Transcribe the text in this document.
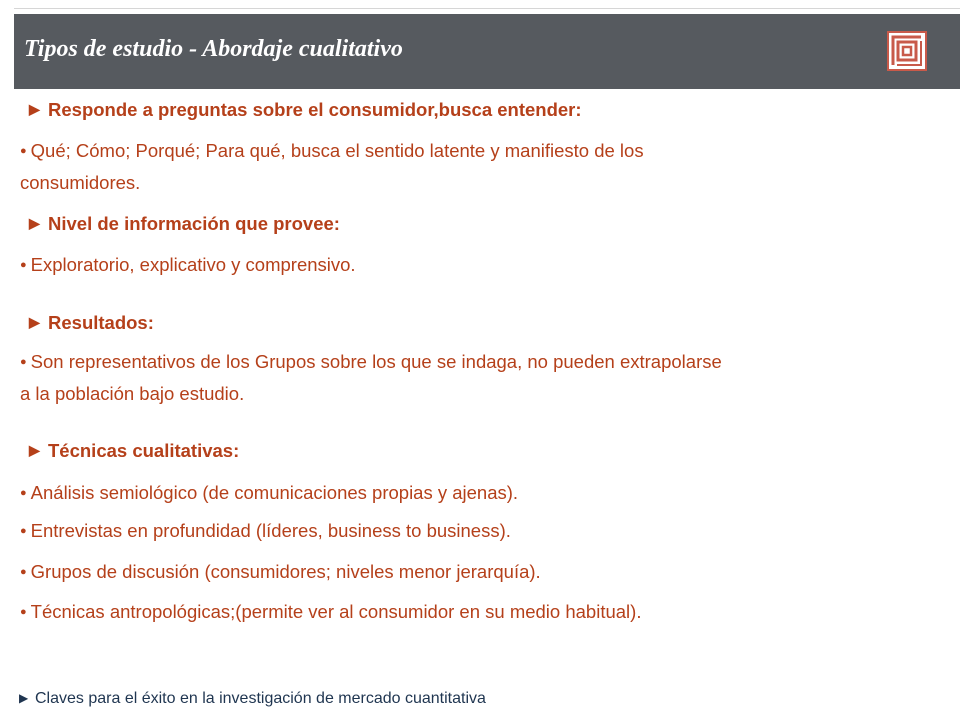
Tipos de estudio - Abordaje cualitativo
▶ Responde a preguntas sobre el consumidor,busca entender:
● Qué; Cómo; Porqué; Para qué, busca el sentido latente y manifiesto de los
consumidores.
▶ Nivel de información que provee:
● Exploratorio, explicativo y comprensivo.
▶ Resultados:
● Son representativos de los Grupos sobre los que se indaga, no pueden extrapolarse
a la población bajo estudio.
▶ Técnicas cualitativas:
● Análisis semiológico (de comunicaciones propias y ajenas).
● Entrevistas en profundidad (líderes, business to business).
● Grupos de discusión (consumidores; niveles menor jerarquía).
● Técnicas antropológicas;(permite ver al consumidor en su medio habitual).
▶ Claves para el éxito en la investigación de mercado cuantitativa
